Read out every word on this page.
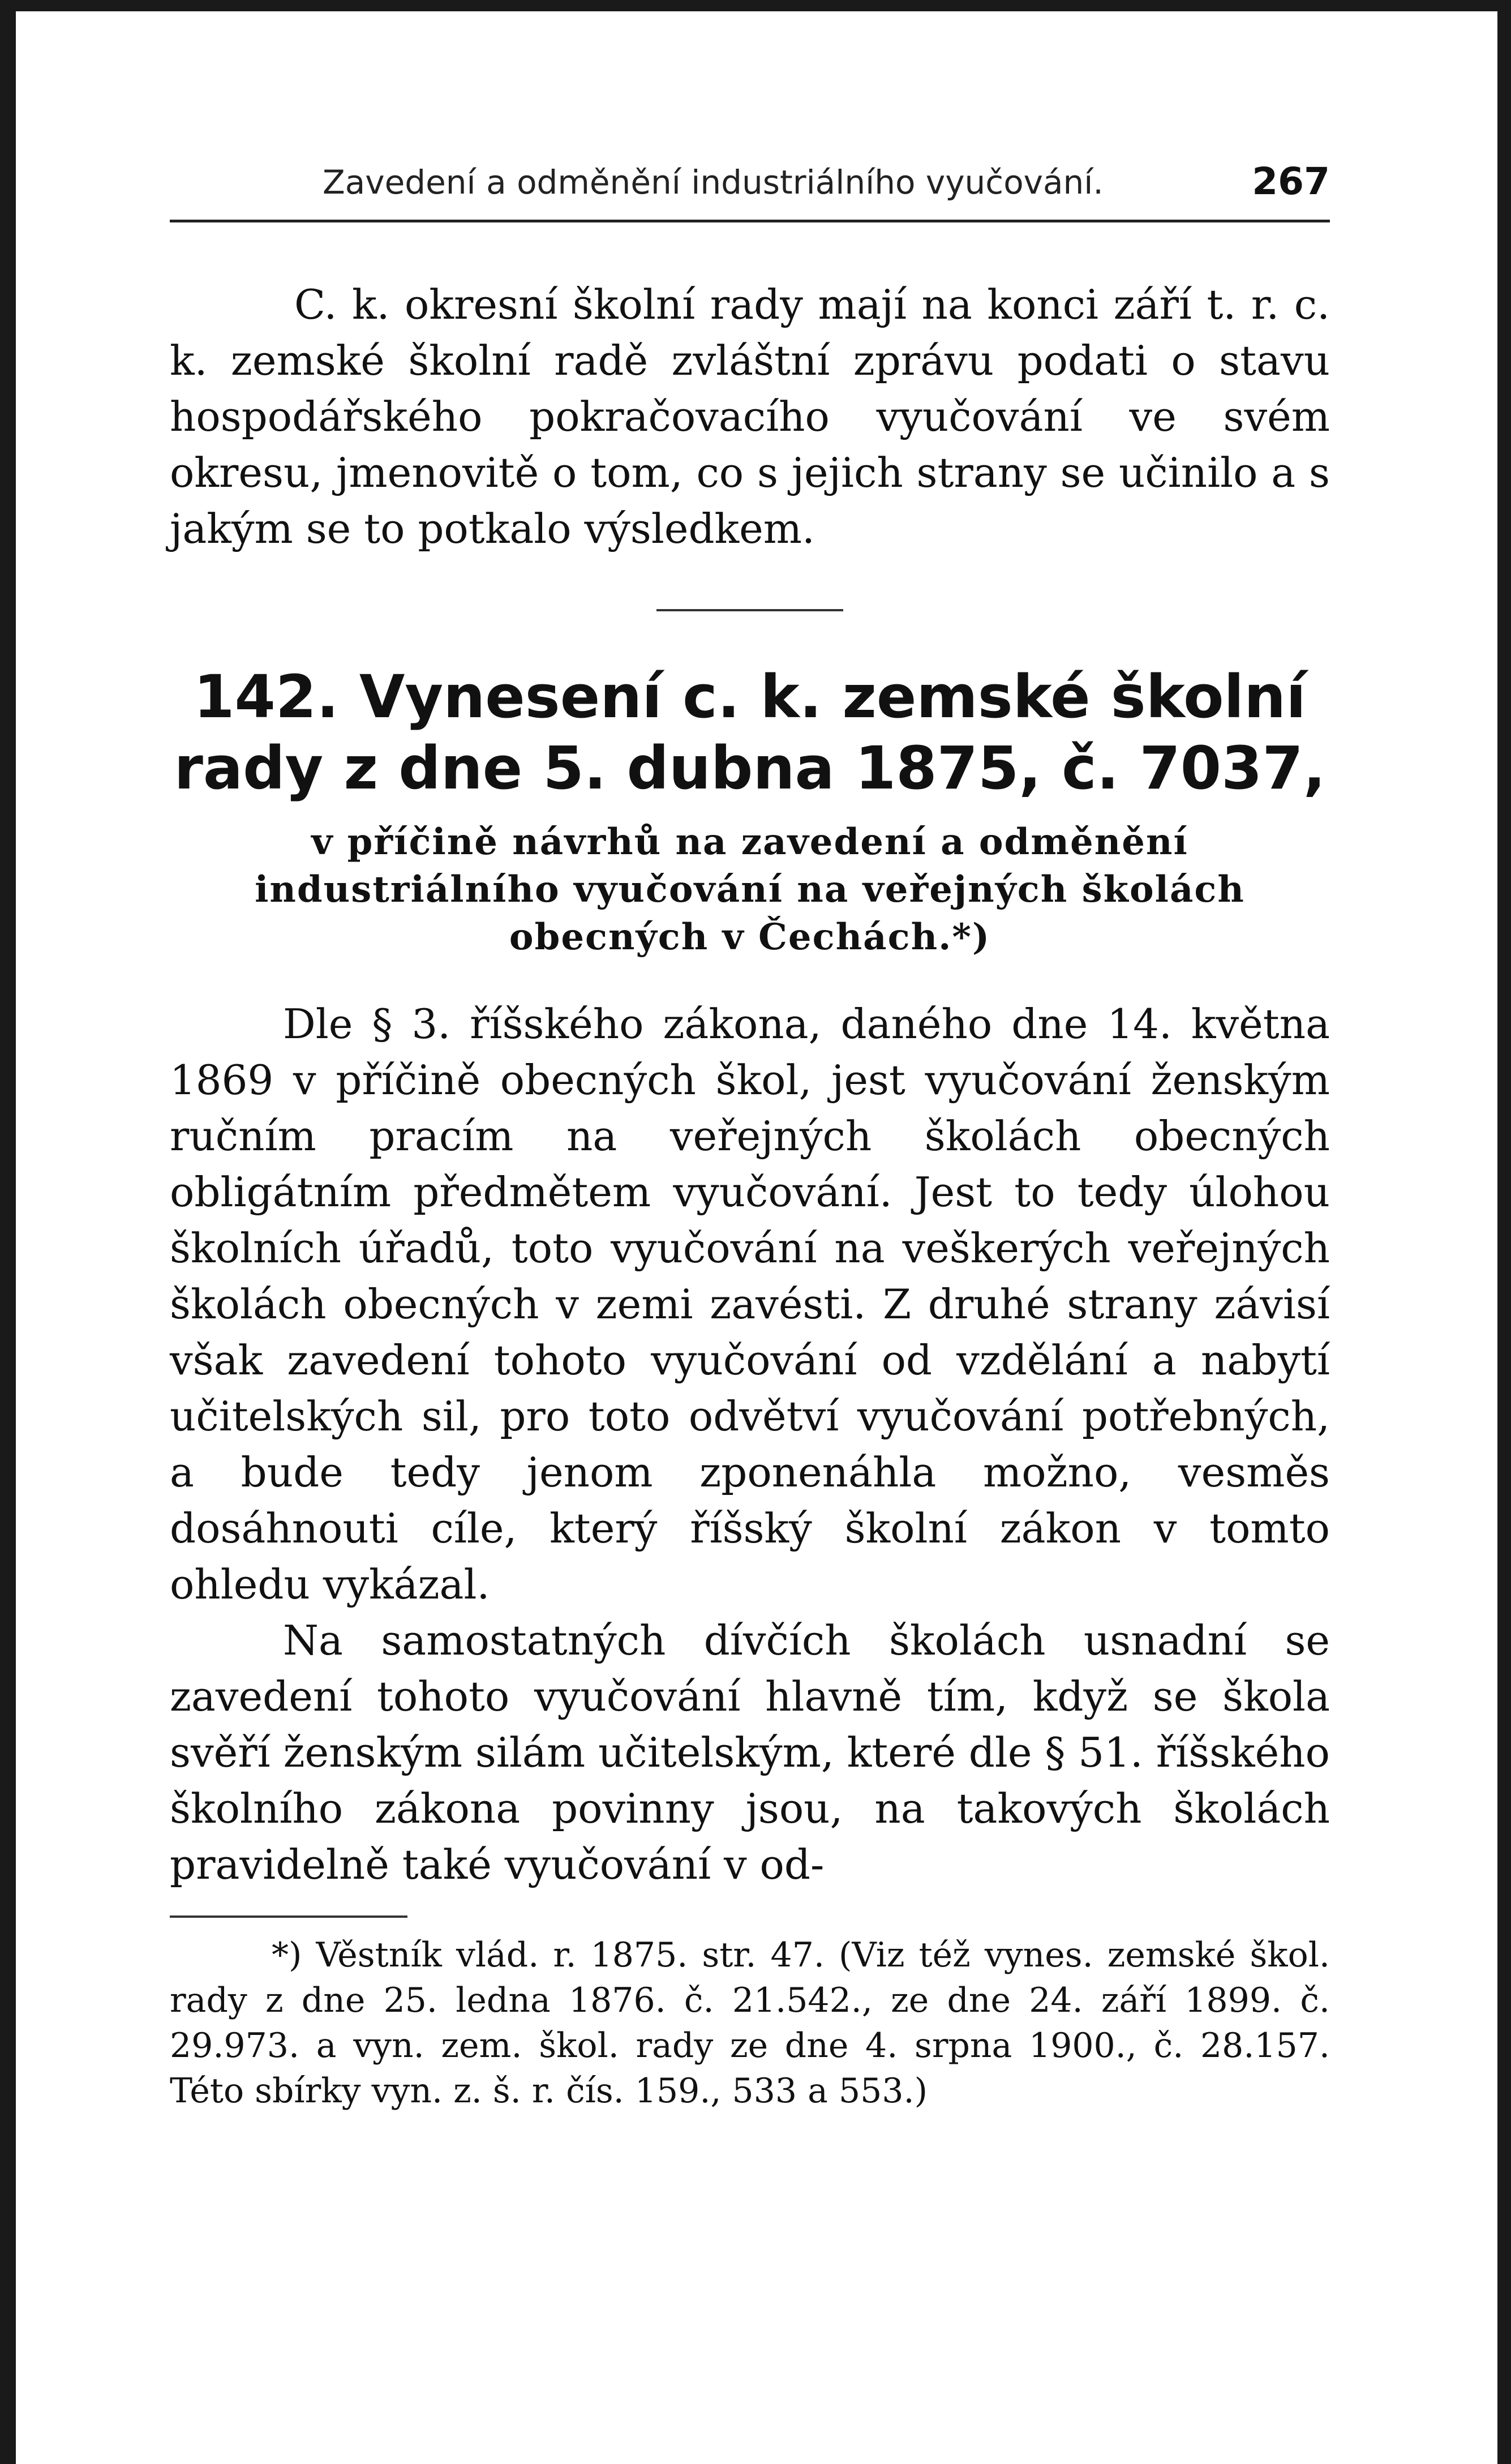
Zavedení a odměnění industriálního vyučování.	267

C. k. okresní školní rady mají na konci září t. r. c. k. zemské školní radě zvláštní zprávu podati o stavu hospodářského pokračovacího vyučování ve svém okresu, jmenovitě o tom, co s jejich strany se učinilo a s jakým se to potkalo výsledkem.

142. Vynesení c. k. zemské školní rady z dne 5. dubna 1875, č. 7037,

v příčině návrhů na zavedení a odměnění industriálního vyučování na veřejných školách obecných v Čechách.*)

Dle § 3. říšského zákona, daného dne 14. května 1869 v příčině obecných škol, jest vyučování ženským ručním pracím na veřejných školách obecných obligátním předmětem vyučování. Jest to tedy úlohou školních úřadů, toto vyučování na veškerých veřejných školách obecných v zemi zavésti. Z druhé strany závisí však zavedení tohoto vyučování od vzdělání a nabytí učitelských sil, pro toto odvětví vyučování potřebných, a bude tedy jenom zponenáhla možno, vesměs dosáhnouti cíle, který říšský školní zákon v tomto ohledu vykázal.

Na samostatných dívčích školách usnadní se zavedení tohoto vyučování hlavně tím, když se škola svěří ženským silám učitelským, které dle § 51. říšského školního zákona povinny jsou, na takových školách pravidelně také vyučování v od-

*) Věstník vlád. r. 1875. str. 47. (Viz též vynes. zemské škol. rady z dne 25. ledna 1876. č. 21.542., ze dne 24. září 1899. č. 29.973. a vyn. zem. škol. rady ze dne 4. srpna 1900., č. 28.157. Této sbírky vyn. z. š. r. čís. 159., 533 a 553.)
